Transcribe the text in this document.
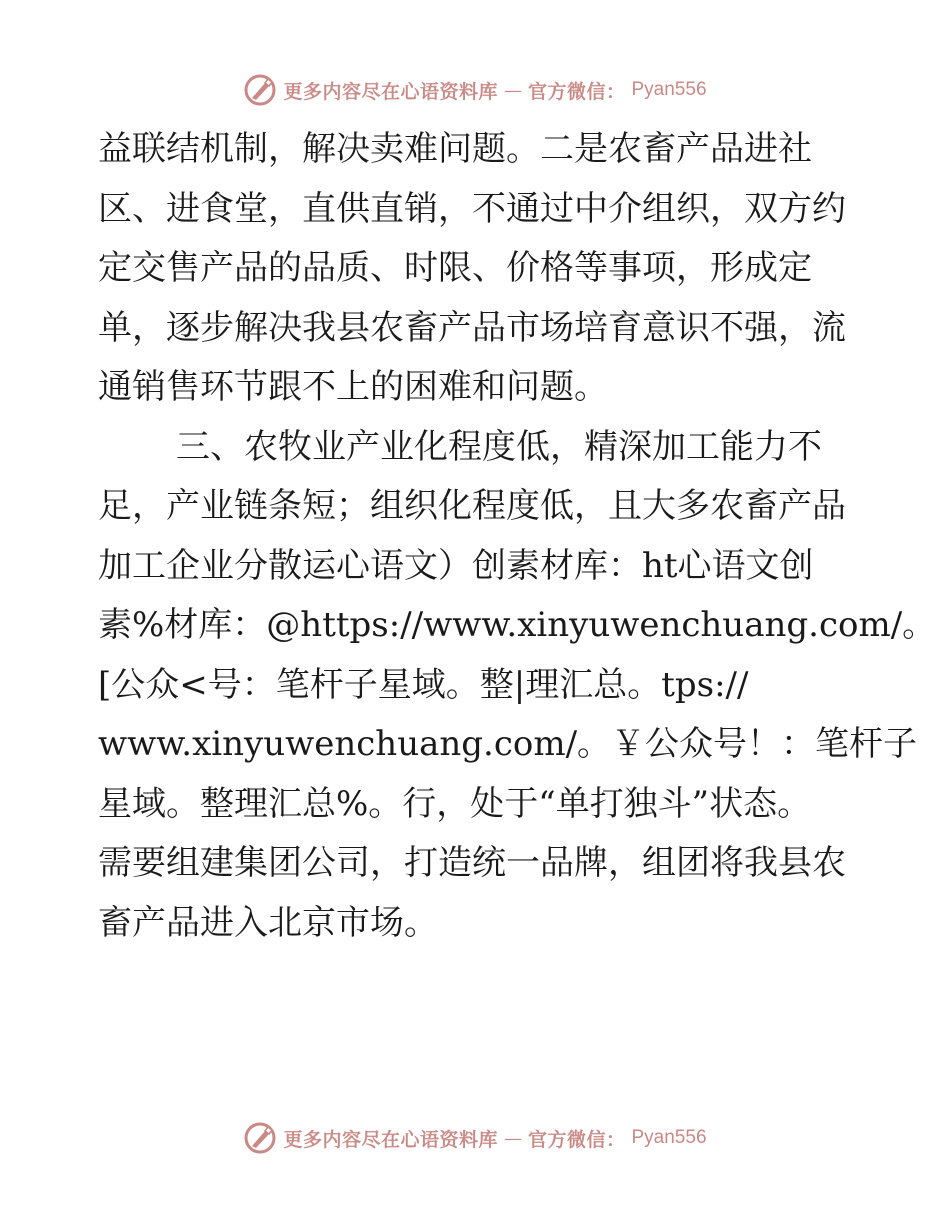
更多内容尽在心语资料库 — 官方微信： Pyan556
益联结机制，解决卖难问题。二是农畜产品进社
区、进食堂，直供直销，不通过中介组织，双方约
定交售产品的品质、时限、价格等事项，形成定
单，逐步解决我县农畜产品市场培育意识不强，流
通销售环节跟不上的困难和问题。
三、农牧业产业化程度低，精深加工能力不
足，产业链条短；组织化程度低，且大多农畜产品
加工企业分散运心语文）创素材库：ht心语文创
素%材库：@https://www.xinyuwenchuang.com/。
[公众<号：笔杆子星域。整|理汇总。tps://
www.xinyuwenchuang.com/。￥公众号！：笔杆子
星域。整理汇总%。行，处于“单打独斗”状态。
需要组建集团公司，打造统一品牌，组团将我县农
畜产品进入北京市场。
更多内容尽在心语资料库 — 官方微信： Pyan556
